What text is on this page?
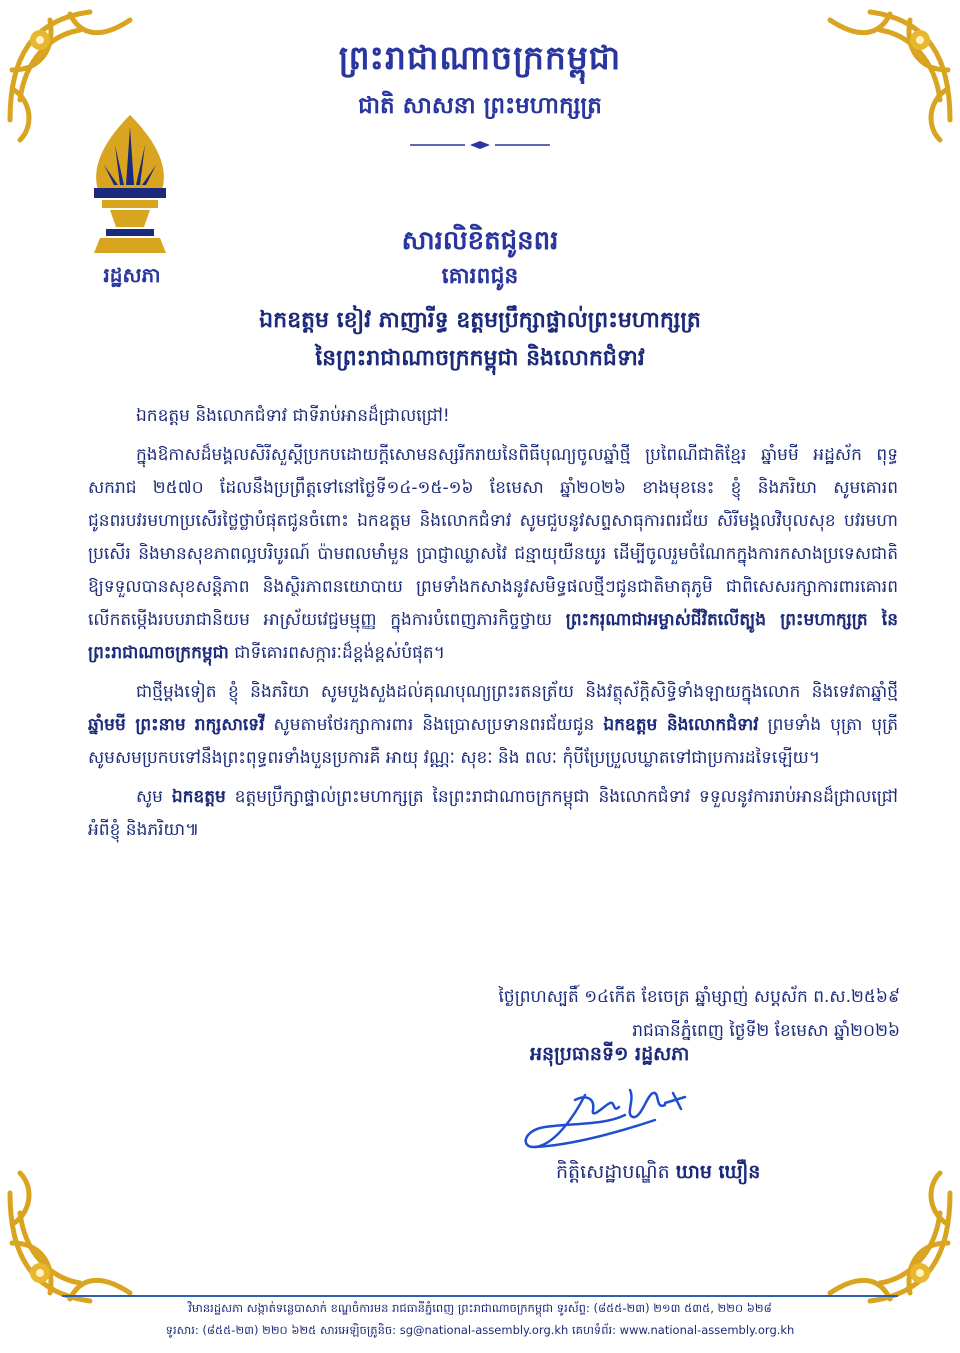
ព្រះរាជាណាចក្រកម្ពុជា
ជាតិ សាសនា ព្រះមហាក្សត្រ
រដ្ឋសភា
សារលិខិតជូនពរ
គោរពជូន
ឯកឧត្តម ខៀវ ភាញារីទ្ធ ឧត្តមប្រឹក្សាផ្ទាល់ព្រះមហាក្សត្រ
នៃព្រះរាជាណាចក្រកម្ពុជា និងលោកជំទាវ

ឯកឧត្តម និងលោកជំទាវ ជាទីរាប់អានដ៏ជ្រាលជ្រៅ!

ក្នុងឱកាសដ៏មង្គលសិរីសួស្តីប្រកបដោយក្តីសោមនស្សរីករាយនៃពិធីបុណ្យចូលឆ្នាំថ្មី ប្រពៃណីជាតិខ្មែរ ឆ្នាំមមី អដ្ឋស័ក ពុទ្ធសករាជ ២៥៧០ ដែលនឹងប្រព្រឹត្តទៅនៅថ្ងៃទី១៤-១៥-១៦ ខែមេសា ឆ្នាំ២០២៦ ខាងមុខនេះ ខ្ញុំ និងភរិយា សូមគោរពជូនពរបវរមហាប្រសើរថ្លៃថ្លាបំផុតជូនចំពោះ ឯកឧត្តម និងលោកជំទាវ សូមជួបនូវសព្ទសាធុការពរជ័យ សិរីមង្គលវិបុលសុខ បវរមហាប្រសើរ និងមានសុខភាពល្អបរិបូរណ៍ ប៉ាមពលមាំមួន ប្រាជ្ញាឈ្លាសវៃ ជន្មាយុយឺនយូរ ដើម្បីចូលរួមចំណែកក្នុងការកសាងប្រទេសជាតិ ឱ្យទទួលបានសុខសន្តិភាព និងស្ថិរភាពនយោបាយ ព្រមទាំងកសាងនូវសមិទ្ធផលថ្មីៗជូនជាតិមាតុភូមិ ជាពិសេសរក្សាការពារគោរពលើកតម្កើងរបបរាជានិយម អាស្រ័យវេជ្ជមម្មុញ្ញ ក្នុងការបំពេញភារកិច្ចថ្វាយ ព្រះករុណាជាអម្ចាស់ជីវិតលើត្បូង ព្រះមហាក្សត្រ នៃព្រះរាជាណាចក្រកម្ពុជា ជាទីគោរពសក្ការៈដ៏ខ្ពង់ខ្ពស់បំផុត។

ជាថ្មីម្តងទៀត ខ្ញុំ និងភរិយា សូមបួងសួងដល់គុណបុណ្យព្រះរតនត្រ័យ និងវត្ថុស័ក្តិសិទ្ធិទាំងឡាយក្នុងលោក និងទេវតាឆ្នាំថ្មី ឆ្នាំមមី ព្រះនាម រាក្សសាទេវី សូមតាមថែរក្សាការពារ និងប្រោសប្រទានពរជ័យជូន ឯកឧត្តម និងលោកជំទាវ ព្រមទាំង បុត្រា បុត្រី សូមសមប្រកបទៅនឹងព្រះពុទ្ធពរទាំងបួនប្រការគឺ អាយុ វណ្ណៈ សុខៈ និង ពលៈ កុំបីប្រែប្រួលឃ្លាតទៅជាប្រការដទៃឡើយ។

សូម ឯកឧត្តម ឧត្តមប្រឹក្សាផ្ទាល់ព្រះមហាក្សត្រ នៃព្រះរាជាណាចក្រកម្ពុជា និងលោកជំទាវ ទទួលនូវការរាប់អានដ៏ជ្រាលជ្រៅអំពីខ្ញុំ និងភរិយា៕

ថ្ងៃព្រហស្បតិ៍ ១៤កើត ខែចេត្រ ឆ្នាំម្សាញ់ សប្តស័ក ព.ស.២៥៦៩
រាជធានីភ្នំពេញ ថ្ងៃទី២ ខែមេសា ឆ្នាំ២០២៦
អនុប្រធានទី១ រដ្ឋសភា
កិត្តិសេដ្ឋាបណ្ឌិត ឃាម ឃឿន
វិមានរដ្ឋសភា សង្កាត់ទន្លេបាសាក់ ខណ្ឌចំការមន រាជធានីភ្នំពេញ ព្រះរាជាណាចក្រកម្ពុជា ទូរស័ព្ទ: (៨៥៥-២៣) ២១៣ ៥៣៥, ២២០ ៦២៨
ទូរសារ: (៨៥៥-២៣) ២២០ ៦២៥ សារអេឡិចត្រូនិច: sg@national-assembly.org.kh គេហទំព័រ: www.national-assembly.org.kh
